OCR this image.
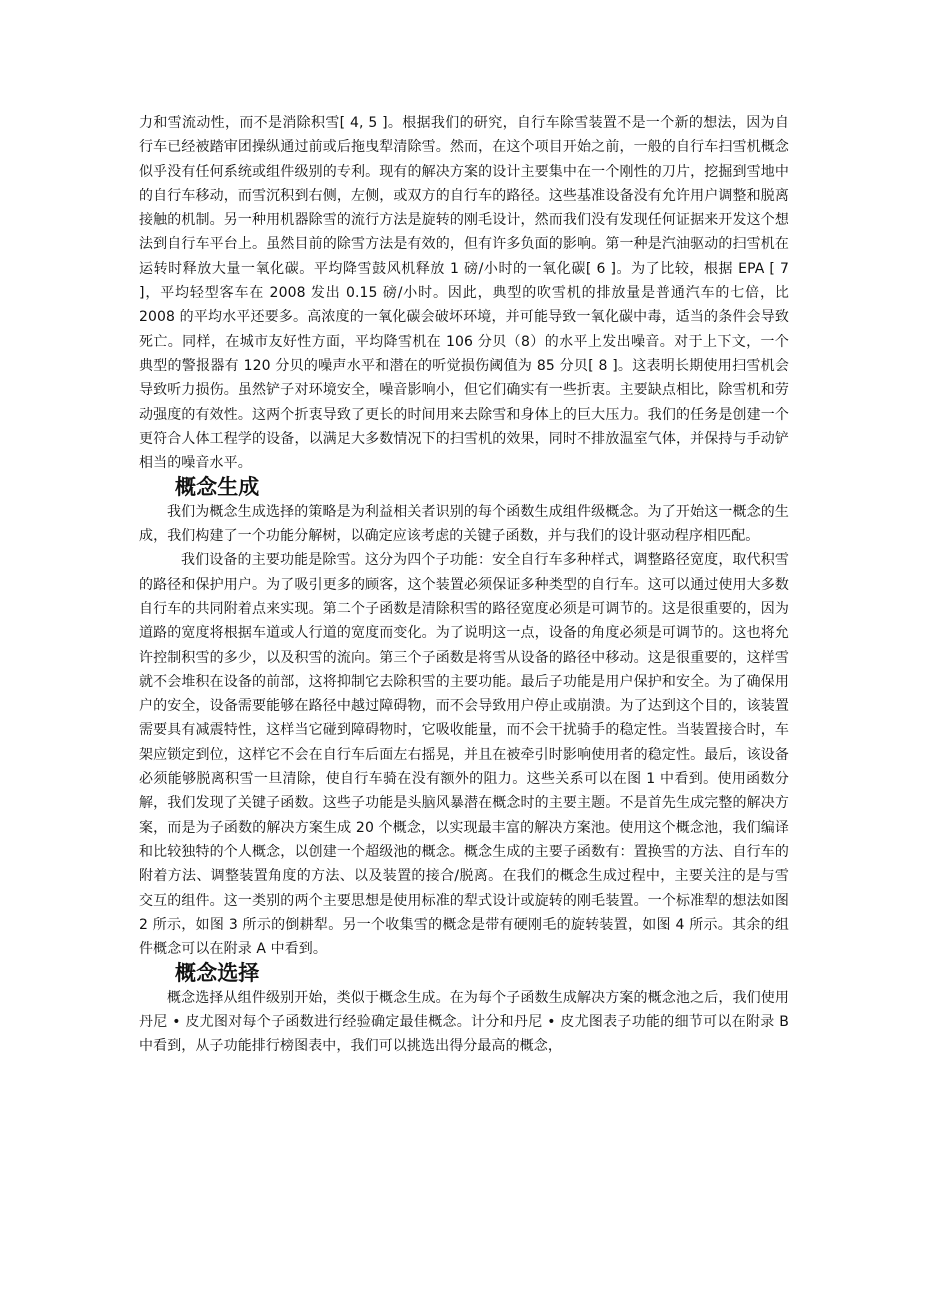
力和雪流动性，而不是消除积雪[ 4, 5 ]。根据我们的研究，自行车除雪装置不是一个新的想法，因为自行车已经被踏审团操纵通过前或后拖曳犁清除雪。然而，在这个项目开始之前，一般的自行车扫雪机概念似乎没有任何系统或组件级别的专利。现有的解决方案的设计主要集中在一个刚性的刀片，挖掘到雪地中的自行车移动，而雪沉积到右侧，左侧，或双方的自行车的路径。这些基准设备没有允许用户调整和脱离接触的机制。另一种用机器除雪的流行方法是旋转的刚毛设计，然而我们没有发现任何证据来开发这个想法到自行车平台上。虽然目前的除雪方法是有效的，但有许多负面的影响。第一种是汽油驱动的扫雪机在运转时释放大量一氧化碳。平均降雪鼓风机释放 1 磅/小时的一氧化碳[ 6 ]。为了比较，根据 EPA [ 7 ]，平均轻型客车在 2008 发出 0.15 磅/小时。因此，典型的吹雪机的排放量是普通汽车的七倍，比 2008 的平均水平还要多。高浓度的一氧化碳会破坏环境，并可能导致一氧化碳中毒，适当的条件会导致死亡。同样，在城市友好性方面，平均降雪机在 106 分贝（8）的水平上发出噪音。对于上下文，一个典型的警报器有 120 分贝的噪声水平和潜在的听觉损伤阈值为 85 分贝[ 8 ]。这表明长期使用扫雪机会导致听力损伤。虽然铲子对环境安全，噪音影响小，但它们确实有一些折衷。主要缺点相比，除雪机和劳动强度的有效性。这两个折衷导致了更长的时间用来去除雪和身体上的巨大压力。我们的任务是创建一个更符合人体工程学的设备，以满足大多数情况下的扫雪机的效果，同时不排放温室气体，并保持与手动铲相当的噪音水平。

概念生成

我们为概念生成选择的策略是为利益相关者识别的每个函数生成组件级概念。为了开始这一概念的生成，我们构建了一个功能分解树，以确定应该考虑的关键子函数，并与我们的设计驱动程序相匹配。

我们设备的主要功能是除雪。这分为四个子功能：安全自行车多种样式，调整路径宽度，取代积雪的路径和保护用户。为了吸引更多的顾客，这个装置必须保证多种类型的自行车。这可以通过使用大多数自行车的共同附着点来实现。第二个子函数是清除积雪的路径宽度必须是可调节的。这是很重要的，因为道路的宽度将根据车道或人行道的宽度而变化。为了说明这一点，设备的角度必须是可调节的。这也将允许控制积雪的多少，以及积雪的流向。第三个子函数是将雪从设备的路径中移动。这是很重要的，这样雪就不会堆积在设备的前部，这将抑制它去除积雪的主要功能。最后子功能是用户保护和安全。为了确保用户的安全，设备需要能够在路径中越过障碍物，而不会导致用户停止或崩溃。为了达到这个目的，该装置需要具有减震特性，这样当它碰到障碍物时，它吸收能量，而不会干扰骑手的稳定性。当装置接合时，车架应锁定到位，这样它不会在自行车后面左右摇晃，并且在被牵引时影响使用者的稳定性。最后，该设备必须能够脱离积雪一旦清除，使自行车骑在没有额外的阻力。这些关系可以在图 1 中看到。使用函数分解，我们发现了关键子函数。这些子功能是头脑风暴潜在概念时的主要主题。不是首先生成完整的解决方案，而是为子函数的解决方案生成 20 个概念，以实现最丰富的解决方案池。使用这个概念池，我们编译和比较独特的个人概念，以创建一个超级池的概念。概念生成的主要子函数有：置换雪的方法、自行车的附着方法、调整装置角度的方法、以及装置的接合/脱离。在我们的概念生成过程中，主要关注的是与雪交互的组件。这一类别的两个主要思想是使用标准的犁式设计或旋转的刚毛装置。一个标准犁的想法如图 2 所示，如图 3 所示的倒耕犁。另一个收集雪的概念是带有硬刚毛的旋转装置，如图 4 所示。其余的组件概念可以在附录 A 中看到。

概念选择

概念选择从组件级别开始，类似于概念生成。在为每个子函数生成解决方案的概念池之后，我们使用丹尼 • 皮尤图对每个子函数进行经验确定最佳概念。计分和丹尼 • 皮尤图表子功能的细节可以在附录 B 中看到，从子功能排行榜图表中，我们可以挑选出得分最高的概念，
